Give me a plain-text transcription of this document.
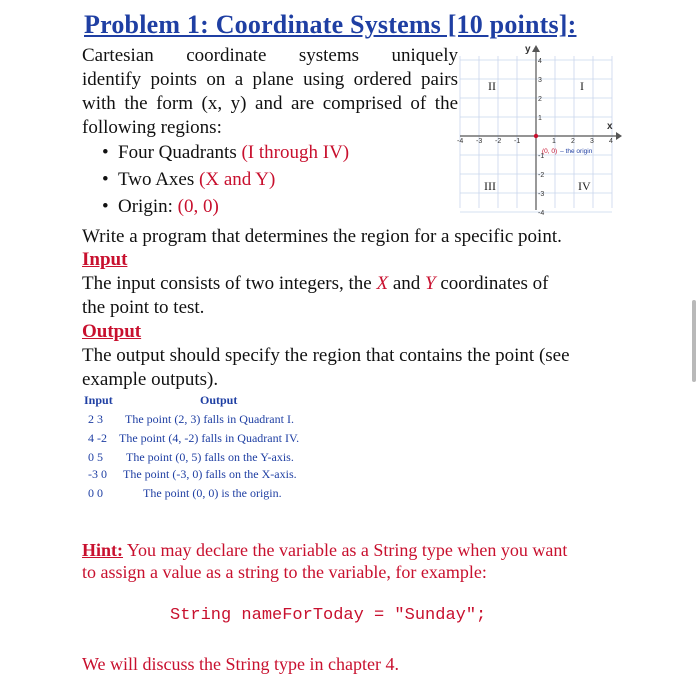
Problem 1: Coordinate Systems [10 points]:
Cartesian coordinate systems uniquely
identify points on a plane using ordered pairs
with the form (x, y) and are comprised of the
following regions:
• Four Quadrants (I through IV)
• Two Axes (X and Y)
• Origin: (0, 0)
y
x
II	I
III	IV
-4 -3 -2 -1	1 2 3 4
4
3
2
1
-1
-2
-3
-4
(0, 0) – the origin
Write a program that determines the region for a specific point.
Input
The input consists of two integers, the X and Y coordinates of
the point to test.
Output
The output should specify the region that contains the point (see
example outputs).
Input	Output
2 3 The point (2, 3) falls in Quadrant I.
4 -2 The point (4, -2) falls in Quadrant IV.
0 5 The point (0, 5) falls on the Y-axis.
-3 0 The point (-3, 0) falls on the X-axis.
0 0	The point (0, 0) is the origin.
Hint: You may declare the variable as a String type when you want
to assign a value as a string to the variable, for example:
String nameForToday = "Sunday";
We will discuss the String type in chapter 4.
